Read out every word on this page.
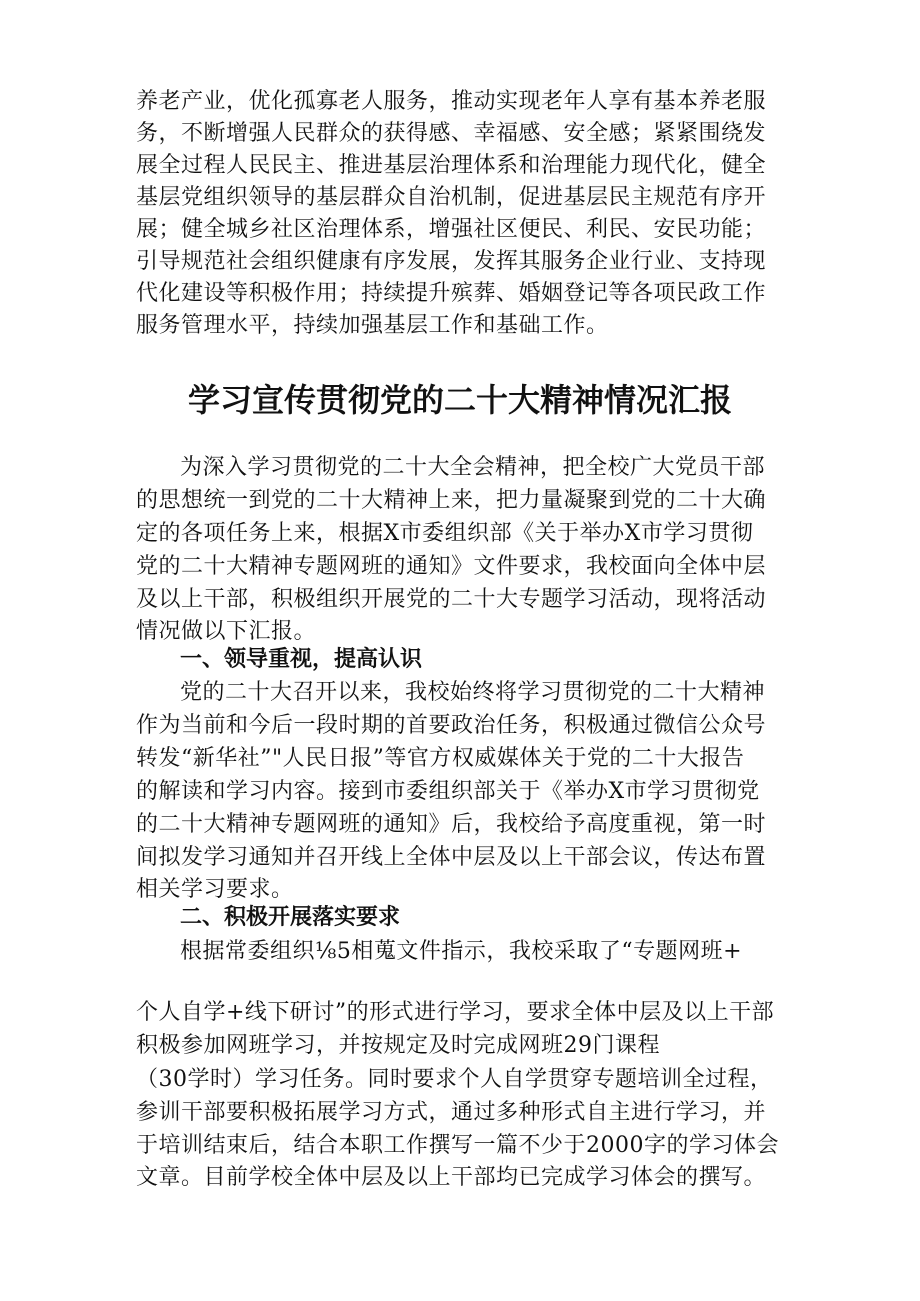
养老产业，优化孤寡老人服务，推动实现老年人享有基本养老服
务，不断增强人民群众的获得感、幸福感、安全感；紧紧围绕发
展全过程人民民主、推进基层治理体系和治理能力现代化，健全
基层党组织领导的基层群众自治机制，促进基层民主规范有序开
展；健全城乡社区治理体系，增强社区便民、利民、安民功能；
引导规范社会组织健康有序发展，发挥其服务企业行业、支持现
代化建设等积极作用；持续提升殡葬、婚姻登记等各项民政工作
服务管理水平，持续加强基层工作和基础工作。
学习宣传贯彻党的二十大精神情况汇报
为深入学习贯彻党的二十大全会精神，把全校广大党员干部
的思想统一到党的二十大精神上来，把力量凝聚到党的二十大确
定的各项任务上来，根据X市委组织部《关于举办X市学习贯彻
党的二十大精神专题网班的通知》文件要求，我校面向全体中层
及以上干部，积极组织开展党的二十大专题学习活动，现将活动
情况做以下汇报。
一、领导重视，提高认识
党的二十大召开以来，我校始终将学习贯彻党的二十大精神
作为当前和今后一段时期的首要政治任务，积极通过微信公众号
转发“新华社”"人民日报”等官方权威媒体关于党的二十大报告
的解读和学习内容。接到市委组织部关于《举办X市学习贯彻党
的二十大精神专题网班的通知》后，我校给予高度重视，第一时
间拟发学习通知并召开线上全体中层及以上干部会议，传达布置
相关学习要求。
二、积极开展落实要求
根据常委组织⅛5相蒐文件指示，我校采取了“专题网班+
个人自学+线下研讨”的形式进行学习，要求全体中层及以上干部
积极参加网班学习，并按规定及时完成网班29门课程
（30学时）学习任务。同时要求个人自学贯穿专题培训全过程，
参训干部要积极拓展学习方式，通过多种形式自主进行学习，并
于培训结束后，结合本职工作撰写一篇不少于2000字的学习体会
文章。目前学校全体中层及以上干部均已完成学习体会的撰写。
